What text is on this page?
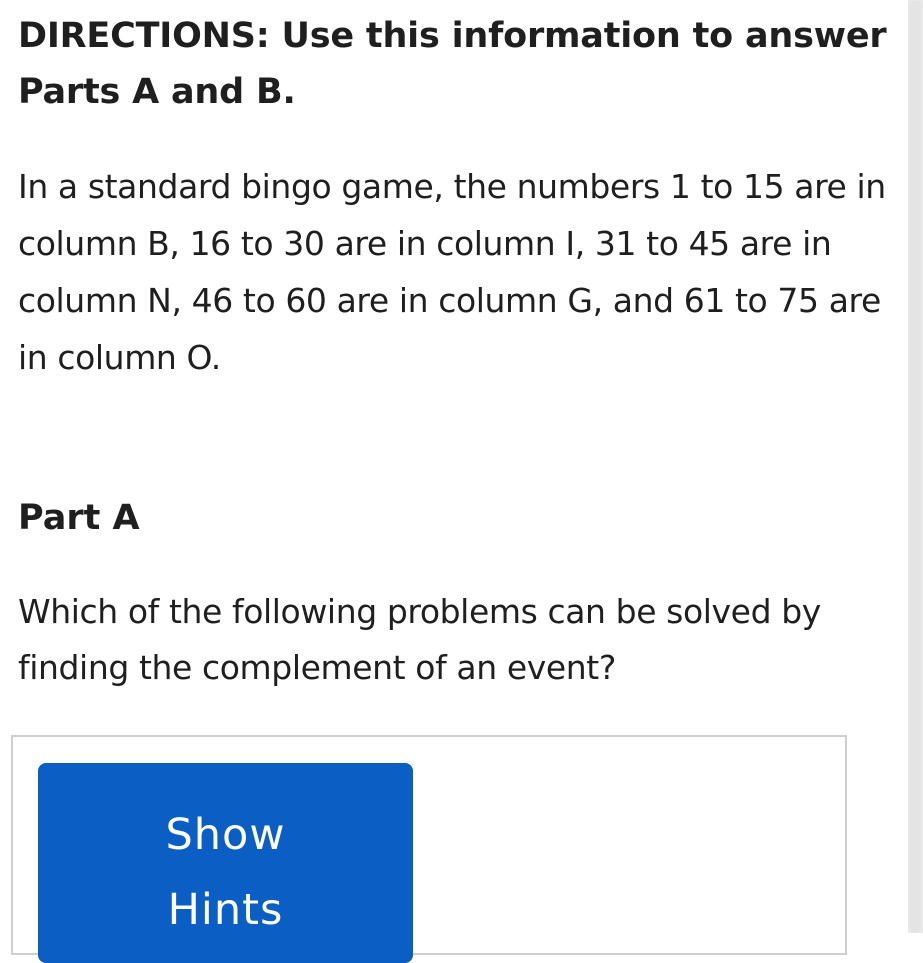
DIRECTIONS: Use this information to answer Parts A and B.

In a standard bingo game, the numbers 1 to 15 are in column B, 16 to 30 are in column I, 31 to 45 are in column N, 46 to 60 are in column G, and 61 to 75 are in column O.

Part A

Which of the following problems can be solved by finding the complement of an event?

Show
Hints
